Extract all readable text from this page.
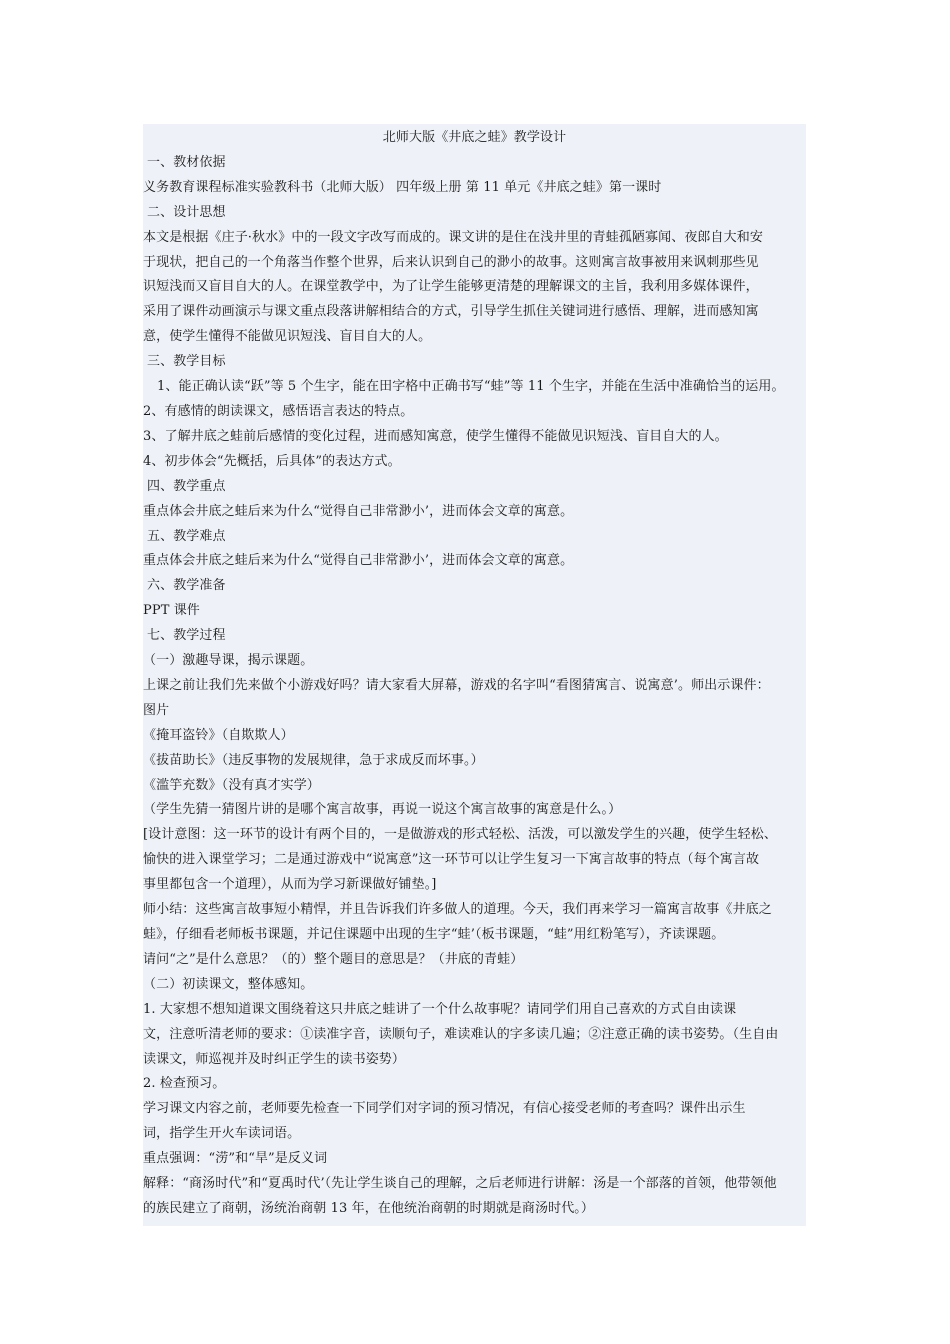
北师大版《井底之蛙》教学设计
一、教材依据
义务教育课程标准实验教科书（北师大版） 四年级上册 第 11 单元《井底之蛙》第一课时
二、设计思想
本文是根据《庄子·秋水》中的一段文字改写而成的。课文讲的是住在浅井里的青蛙孤陋寡闻、夜郎自大和安
于现状，把自己的一个角落当作整个世界，后来认识到自己的渺小的故事。这则寓言故事被用来讽刺那些见
识短浅而又盲目自大的人。在课堂教学中，为了让学生能够更清楚的理解课文的主旨，我利用多媒体课件，
采用了课件动画演示与课文重点段落讲解相结合的方式，引导学生抓住关键词进行感悟、理解，进而感知寓
意，使学生懂得不能做见识短浅、盲目自大的人。
三、教学目标
1、能正确认读“跃”等 5 个生字，能在田字格中正确书写“蛙”等 11 个生字，并能在生活中准确恰当的运用。
2、有感情的朗读课文，感悟语言表达的特点。
3、了解井底之蛙前后感情的变化过程，进而感知寓意，使学生懂得不能做见识短浅、盲目自大的人。
4、初步体会“先概括，后具体”的表达方式。
四、教学重点
重点体会井底之蛙后来为什么“觉得自己非常渺小’，进而体会文章的寓意。
五、教学难点
重点体会井底之蛙后来为什么“觉得自己非常渺小’，进而体会文章的寓意。
六、教学准备
PPT 课件
七、教学过程
（一）激趣导课，揭示课题。
上课之前让我们先来做个小游戏好吗？请大家看大屏幕，游戏的名字叫“看图猜寓言、说寓意’。师出示课件：
图片
《掩耳盗铃》（自欺欺人）
《拔苗助长》（违反事物的发展规律，急于求成反而坏事。）
《滥竽充数》（没有真才实学）
（学生先猜一猜图片讲的是哪个寓言故事，再说一说这个寓言故事的寓意是什么。）
[设计意图：这一环节的设计有两个目的，一是做游戏的形式轻松、活泼，可以激发学生的兴趣，使学生轻松、
愉快的进入课堂学习；二是通过游戏中“说寓意”这一环节可以让学生复习一下寓言故事的特点（每个寓言故
事里都包含一个道理），从而为学习新课做好铺垫。]
师小结：这些寓言故事短小精悍，并且告诉我们许多做人的道理。今天，我们再来学习一篇寓言故事《井底之
蛙》，仔细看老师板书课题，并记住课题中出现的生字“蛙’（板书课题，“蛙”用红粉笔写），齐读课题。
请问“之”是什么意思？（的）整个题目的意思是？（井底的青蛙）
（二）初读课文，整体感知。
1. 大家想不想知道课文围绕着这只井底之蛙讲了一个什么故事呢？请同学们用自己喜欢的方式自由读课
文，注意听清老师的要求：①读准字音，读顺句子，难读难认的字多读几遍；②注意正确的读书姿势。（生自由
读课文，师巡视并及时纠正学生的读书姿势）
2. 检查预习。
学习课文内容之前，老师要先检查一下同学们对字词的预习情况，有信心接受老师的考查吗？课件出示生
词，指学生开火车读词语。
重点强调：“涝”和“旱”是反义词
解释：“商汤时代”和“夏禹时代’（先让学生谈自己的理解，之后老师进行讲解：汤是一个部落的首领，他带领他
的族民建立了商朝，汤统治商朝 13 年，在他统治商朝的时期就是商汤时代。）
